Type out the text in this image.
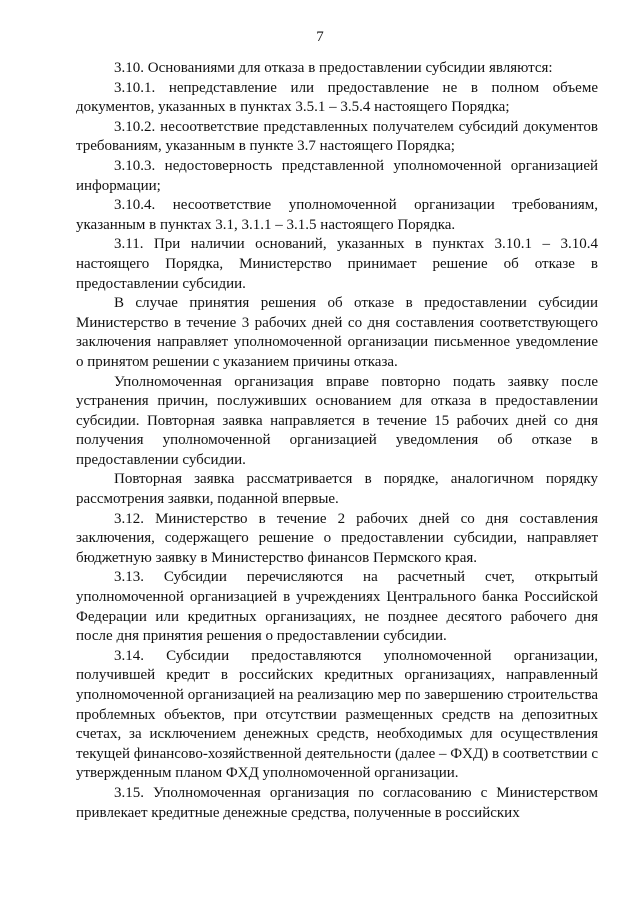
7

3.10. Основаниями для отказа в предоставлении субсидии являются:

3.10.1. непредставление или предоставление не в полном объеме документов, указанных в пунктах 3.5.1 – 3.5.4 настоящего Порядка;

3.10.2. несоответствие представленных получателем субсидий документов требованиям, указанным в пункте 3.7 настоящего Порядка;

3.10.3. недостоверность представленной уполномоченной организацией информации;

3.10.4. несоответствие уполномоченной организации требованиям, указанным в пунктах 3.1, 3.1.1 – 3.1.5 настоящего Порядка.

3.11. При наличии оснований, указанных в пунктах 3.10.1 – 3.10.4 настоящего Порядка, Министерство принимает решение об отказе в предоставлении субсидии.

В случае принятия решения об отказе в предоставлении субсидии Министерство в течение 3 рабочих дней со дня составления соответствующего заключения направляет уполномоченной организации письменное уведомление о принятом решении с указанием причины отказа.

Уполномоченная организация вправе повторно подать заявку после устранения причин, послуживших основанием для отказа в предоставлении субсидии. Повторная заявка направляется в течение 15 рабочих дней со дня получения уполномоченной организацией уведомления об отказе в предоставлении субсидии.

Повторная заявка рассматривается в порядке, аналогичном порядку рассмотрения заявки, поданной впервые.

3.12. Министерство в течение 2 рабочих дней со дня составления заключения, содержащего решение о предоставлении субсидии, направляет бюджетную заявку в Министерство финансов Пермского края.

3.13. Субсидии перечисляются на расчетный счет, открытый уполномоченной организацией в учреждениях Центрального банка Российской Федерации или кредитных организациях, не позднее десятого рабочего дня после дня принятия решения о предоставлении субсидии.

3.14. Субсидии предоставляются уполномоченной организации, получившей кредит в российских кредитных организациях, направленный уполномоченной организацией на реализацию мер по завершению строительства проблемных объектов, при отсутствии размещенных средств на депозитных счетах, за исключением денежных средств, необходимых для осуществления текущей финансово-хозяйственной деятельности (далее – ФХД) в соответствии с утвержденным планом ФХД уполномоченной организации.

3.15. Уполномоченная организация по согласованию с Министерством привлекает кредитные денежные средства, полученные в российских
